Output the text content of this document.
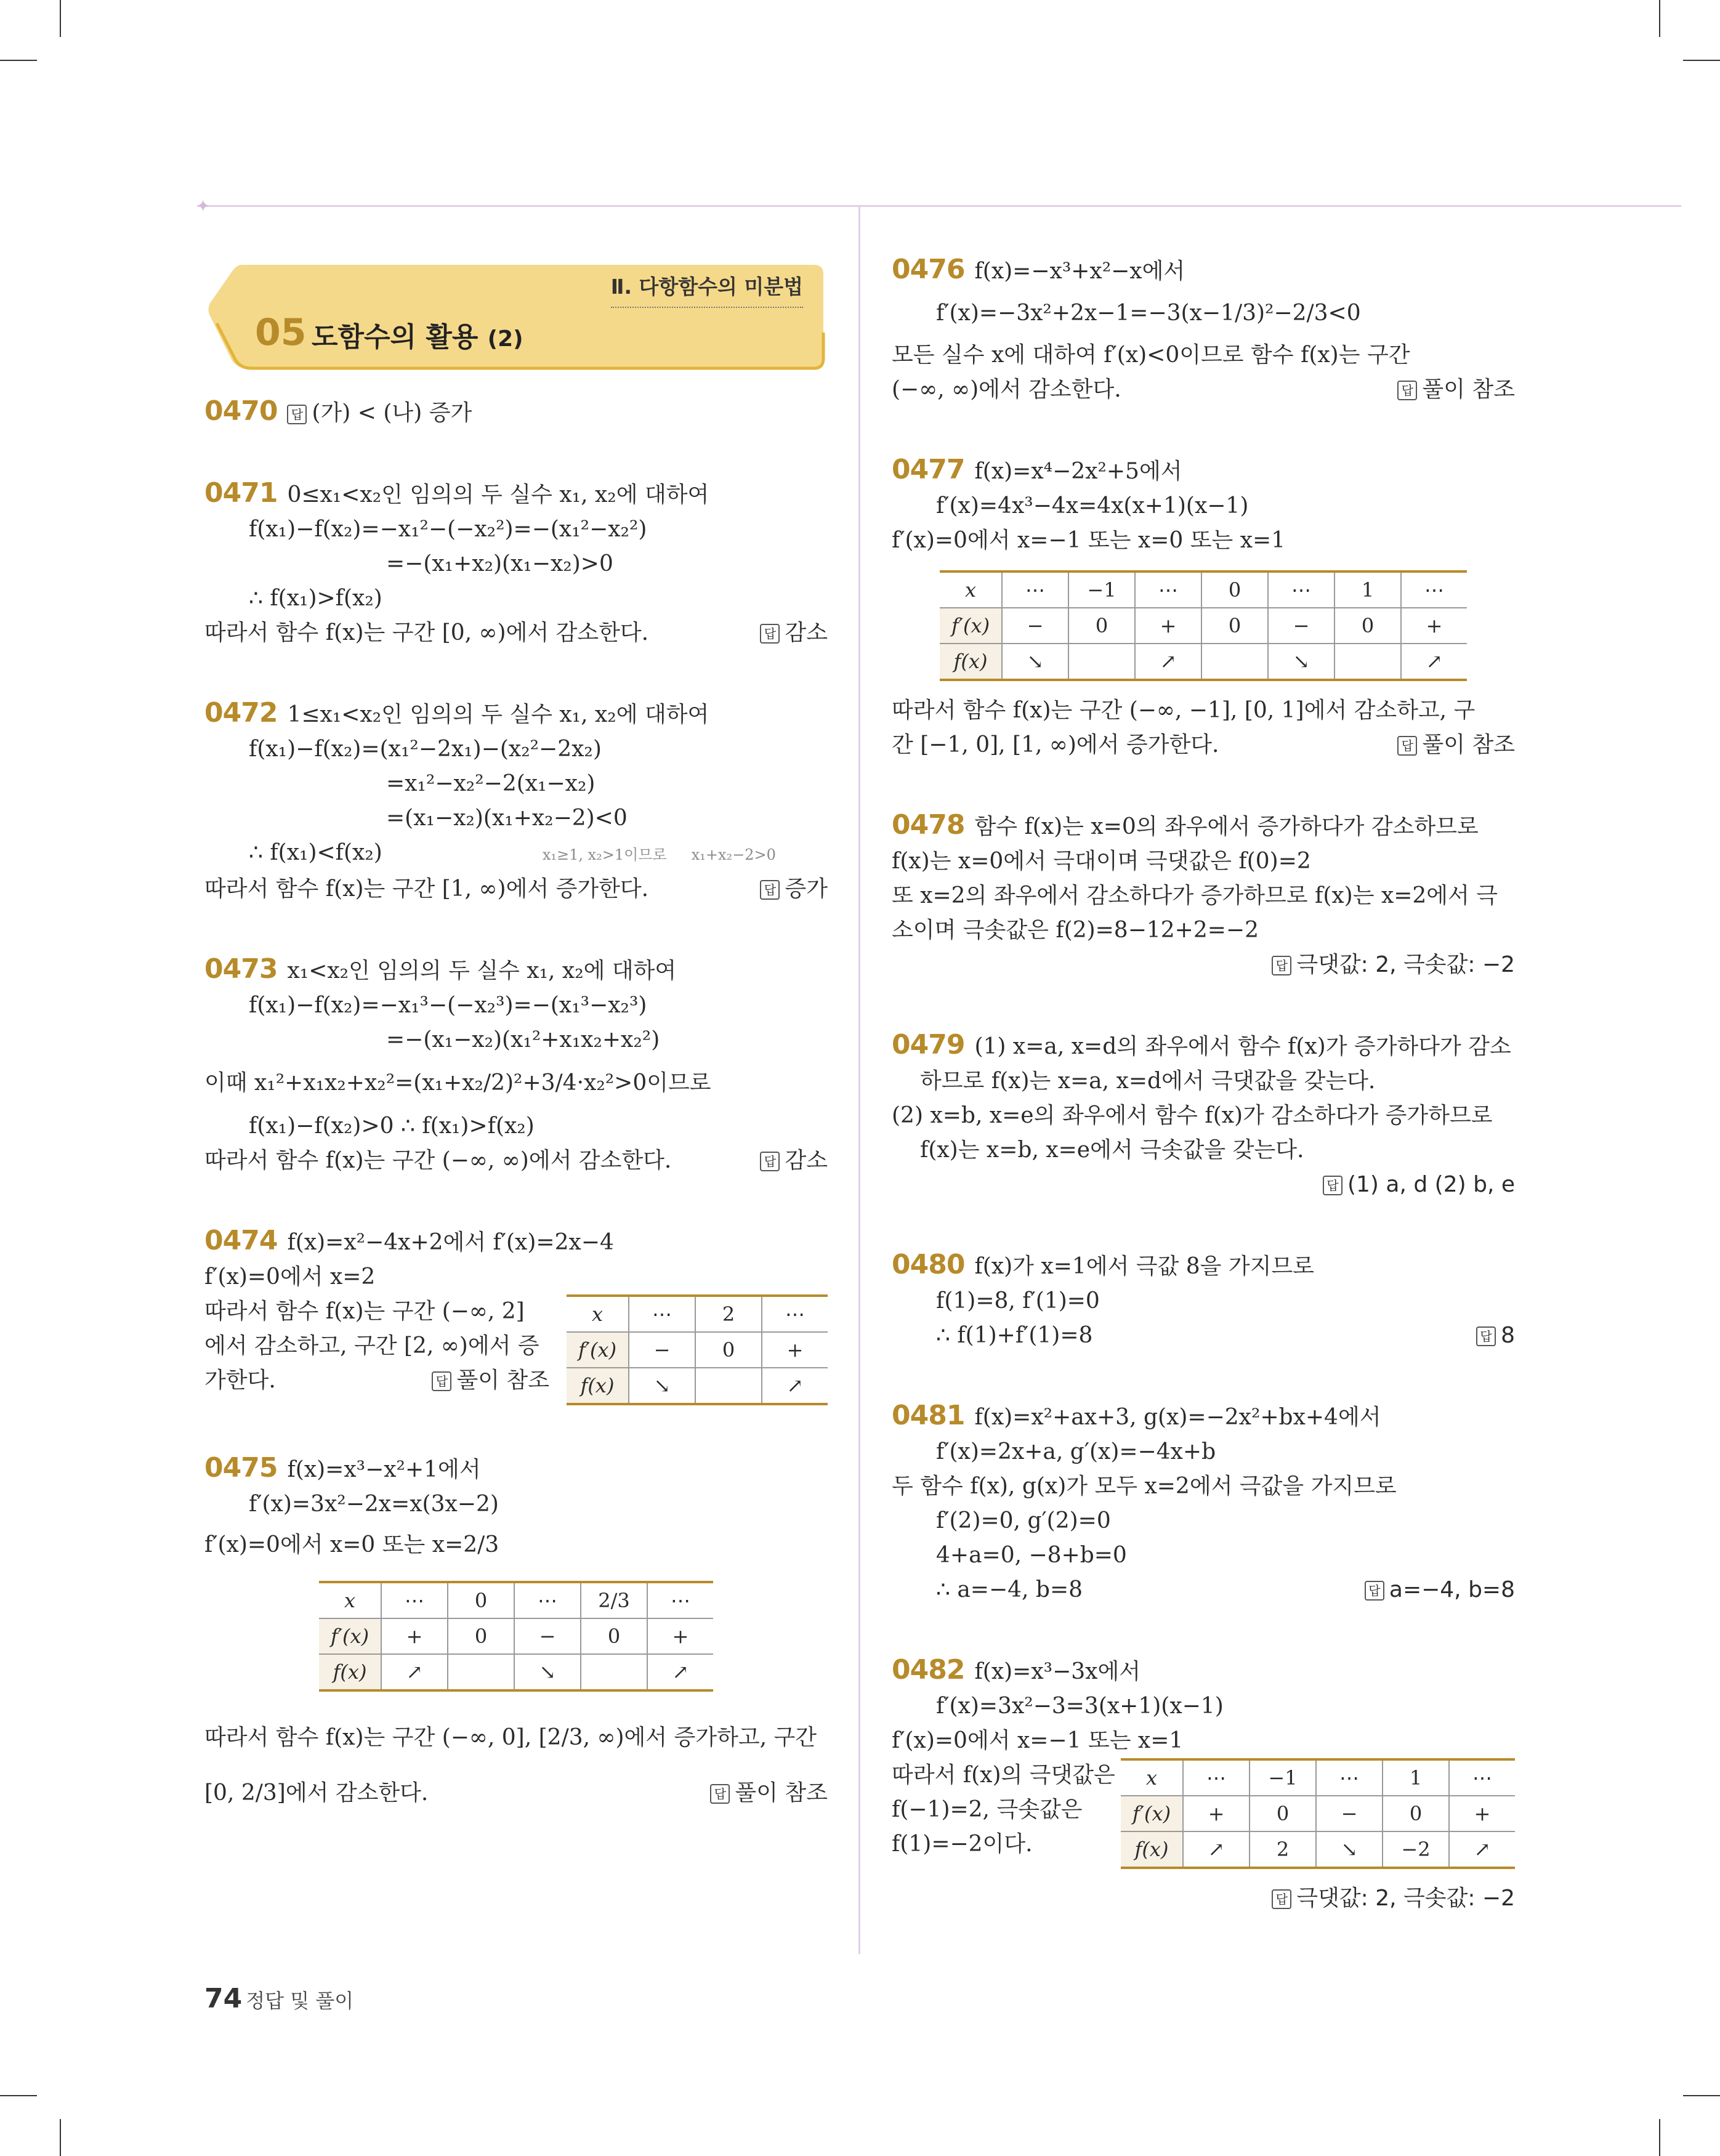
✦
Ⅱ. 다항함수의 미분법
05 도함수의 활용 (2)
0470 답 (가) < (나) 증가
0471 0≤x₁<x₂인 임의의 두 실수 x₁, x₂에 대하여
f(x₁)−f(x₂)=−x₁²−(−x₂²)=−(x₁²−x₂²)
=−(x₁+x₂)(x₁−x₂)>0
∴ f(x₁)>f(x₂)
따라서 함수 f(x)는 구간 [0, ∞)에서 감소한다.	답 감소
0472 1≤x₁<x₂인 임의의 두 실수 x₁, x₂에 대하여
f(x₁)−f(x₂)=(x₁²−2x₁)−(x₂²−2x₂)
=x₁²−x₂²−2(x₁−x₂)
=(x₁−x₂)(x₁+x₂−2)<0
∴ f(x₁)<f(x₂)	x₁≥1, x₂>1이므로 x₁+x₂−2>0
따라서 함수 f(x)는 구간 [1, ∞)에서 증가한다.	답 증가
0473 x₁<x₂인 임의의 두 실수 x₁, x₂에 대하여
f(x₁)−f(x₂)=−x₁³−(−x₂³)=−(x₁³−x₂³)
=−(x₁−x₂)(x₁²+x₁x₂+x₂²)
이때 x₁²+x₁x₂+x₂²=(x₁+x₂/2)²+3/4·x₂²>0이므로
f(x₁)−f(x₂)>0 ∴ f(x₁)>f(x₂)
따라서 함수 f(x)는 구간 (−∞, ∞)에서 감소한다.	답 감소
0474 f(x)=x²−4x+2에서 f′(x)=2x−4
f′(x)=0에서 x=2
따라서 함수 f(x)는 구간 (−∞, 2]
에서 감소하고, 구간 [2, ∞)에서 증
가한다.	답 풀이 참조
x	⋯	2	⋯
f′(x)	−	0	+
f(x)	↘		↗
0475 f(x)=x³−x²+1에서
f′(x)=3x²−2x=x(3x−2)
f′(x)=0에서 x=0 또는 x=2/3
x	⋯	0	⋯	2/3	⋯
f′(x)	+	0	−	0	+
f(x)	↗		↘		↗
따라서 함수 f(x)는 구간 (−∞, 0], [2/3, ∞)에서 증가하고, 구간
[0, 2/3]에서 감소한다.	답 풀이 참조
0476 f(x)=−x³+x²−x에서
f′(x)=−3x²+2x−1=−3(x−1/3)²−2/3<0
모든 실수 x에 대하여 f′(x)<0이므로 함수 f(x)는 구간
(−∞, ∞)에서 감소한다.	답 풀이 참조
0477 f(x)=x⁴−2x²+5에서
f′(x)=4x³−4x=4x(x+1)(x−1)
f′(x)=0에서 x=−1 또는 x=0 또는 x=1
x	⋯	−1	⋯	0	⋯	1	⋯
f′(x)	−	0	+	0	−	0	+
f(x)	↘		↗		↘		↗
따라서 함수 f(x)는 구간 (−∞, −1], [0, 1]에서 감소하고, 구
간 [−1, 0], [1, ∞)에서 증가한다.	답 풀이 참조
0478 함수 f(x)는 x=0의 좌우에서 증가하다가 감소하므로
f(x)는 x=0에서 극대이며 극댓값은 f(0)=2
또 x=2의 좌우에서 감소하다가 증가하므로 f(x)는 x=2에서 극
소이며 극솟값은 f(2)=8−12+2=−2
답 극댓값: 2, 극솟값: −2
0479 (1) x=a, x=d의 좌우에서 함수 f(x)가 증가하다가 감소
하므로 f(x)는 x=a, x=d에서 극댓값을 갖는다.
(2) x=b, x=e의 좌우에서 함수 f(x)가 감소하다가 증가하므로
f(x)는 x=b, x=e에서 극솟값을 갖는다.
답 (1) a, d (2) b, e
0480 f(x)가 x=1에서 극값 8을 가지므로
f(1)=8, f′(1)=0
∴ f(1)+f′(1)=8	답 8
0481 f(x)=x²+ax+3, g(x)=−2x²+bx+4에서
f′(x)=2x+a, g′(x)=−4x+b
두 함수 f(x), g(x)가 모두 x=2에서 극값을 가지므로
f′(2)=0, g′(2)=0
4+a=0, −8+b=0
∴ a=−4, b=8	답 a=−4, b=8
0482 f(x)=x³−3x에서
f′(x)=3x²−3=3(x+1)(x−1)
f′(x)=0에서 x=−1 또는 x=1
따라서 f(x)의 극댓값은
f(−1)=2, 극솟값은
f(1)=−2이다.
x	⋯	−1	⋯	1	⋯
f′(x)	+	0	−	0	+
f(x)	↗	2	↘	−2	↗
답 극댓값: 2, 극솟값: −2
74 정답 및 풀이
